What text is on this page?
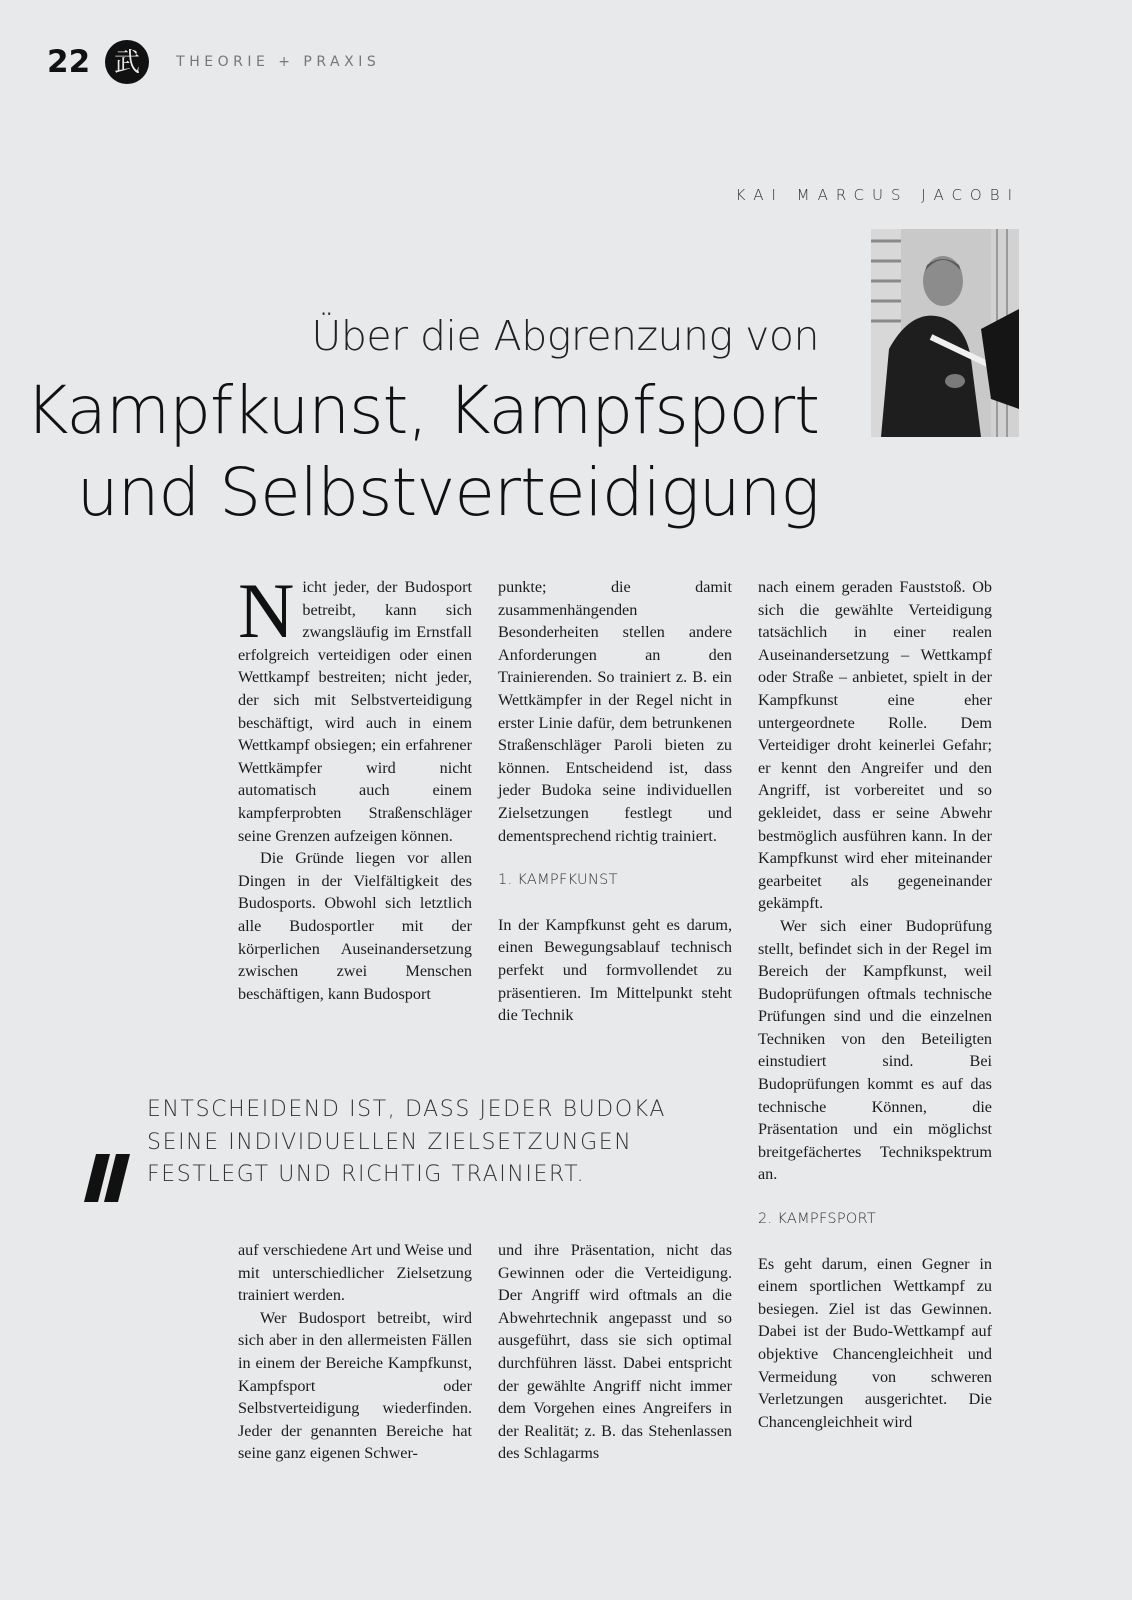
22 武	THEORIE + PRAXIS
KAI MARCUS JACOBI
Über die Abgrenzung von
Kampfkunst, Kampfsport
und Selbstverteidigung

Nicht jeder, der Budosport betreibt, kann sich zwangsläufig im Ernstfall erfolgreich verteidigen oder einen Wettkampf bestreiten; nicht jeder, der sich mit Selbstverteidigung beschäftigt, wird auch in einem Wettkampf obsiegen; ein erfahrener Wettkämpfer wird nicht automatisch auch einem kampferprobten Straßenschläger seine Grenzen aufzeigen können.

Die Gründe liegen vor allen Dingen in der Vielfältigkeit des Budosports. Obwohl sich letztlich alle Budosportler mit der körperlichen Auseinandersetzung zwischen zwei Menschen beschäftigen, kann Budosport

punkte; die damit zusammenhängenden Besonderheiten stellen andere Anforderungen an den Trainierenden. So trainiert z. B. ein Wettkämpfer in der Regel nicht in erster Linie dafür, dem betrunkenen Straßenschläger Paroli bieten zu können. Entscheidend ist, dass jeder Budoka seine individuellen Zielsetzungen festlegt und dementsprechend richtig trainiert.

1. KAMPFKUNST

In der Kampfkunst geht es darum, einen Bewegungsablauf technisch perfekt und formvollendet zu präsentieren. Im Mittelpunkt steht die Technik

nach einem geraden Fauststoß. Ob sich die gewählte Verteidigung tatsächlich in einer realen Auseinandersetzung – Wettkampf oder Straße – anbietet, spielt in der Kampfkunst eine eher untergeordnete Rolle. Dem Verteidiger droht keinerlei Gefahr; er kennt den Angreifer und den Angriff, ist vorbereitet und so gekleidet, dass er seine Abwehr bestmöglich ausführen kann. In der Kampfkunst wird eher miteinander gearbeitet als gegeneinander gekämpft.

Wer sich einer Budoprüfung stellt, befindet sich in der Regel im Bereich der Kampfkunst, weil Budoprüfungen oftmals technische Prüfungen sind und die einzelnen Techniken von den Beteiligten einstudiert sind. Bei Budoprüfungen kommt es auf das technische Können, die Präsentation und ein möglichst breitgefächertes Technikspektrum an.

2. KAMPFSPORT

Es geht darum, einen Gegner in einem sportlichen Wettkampf zu besiegen. Ziel ist das Gewinnen. Dabei ist der Budo-Wettkampf auf objektive Chancengleichheit und Vermeidung von schweren Verletzungen ausgerichtet. Die Chancengleichheit wird

ENTSCHEIDEND IST, DASS JEDER BUDOKA
SEINE INDIVIDUELLEN ZIELSETZUNGEN
FESTLEGT UND RICHTIG TRAINIERT.

auf verschiedene Art und Weise und mit unterschiedlicher Zielsetzung trainiert werden.

Wer Budosport betreibt, wird sich aber in den allermeisten Fällen in einem der Bereiche Kampfkunst, Kampfsport oder Selbstverteidigung wiederfinden. Jeder der genannten Bereiche hat seine ganz eigenen Schwer-

und ihre Präsentation, nicht das Gewinnen oder die Verteidigung. Der Angriff wird oftmals an die Abwehrtechnik angepasst und so ausgeführt, dass sie sich optimal durchführen lässt. Dabei entspricht der gewählte Angriff nicht immer dem Vorgehen eines Angreifers in der Realität; z. B. das Stehenlassen des Schlagarms
